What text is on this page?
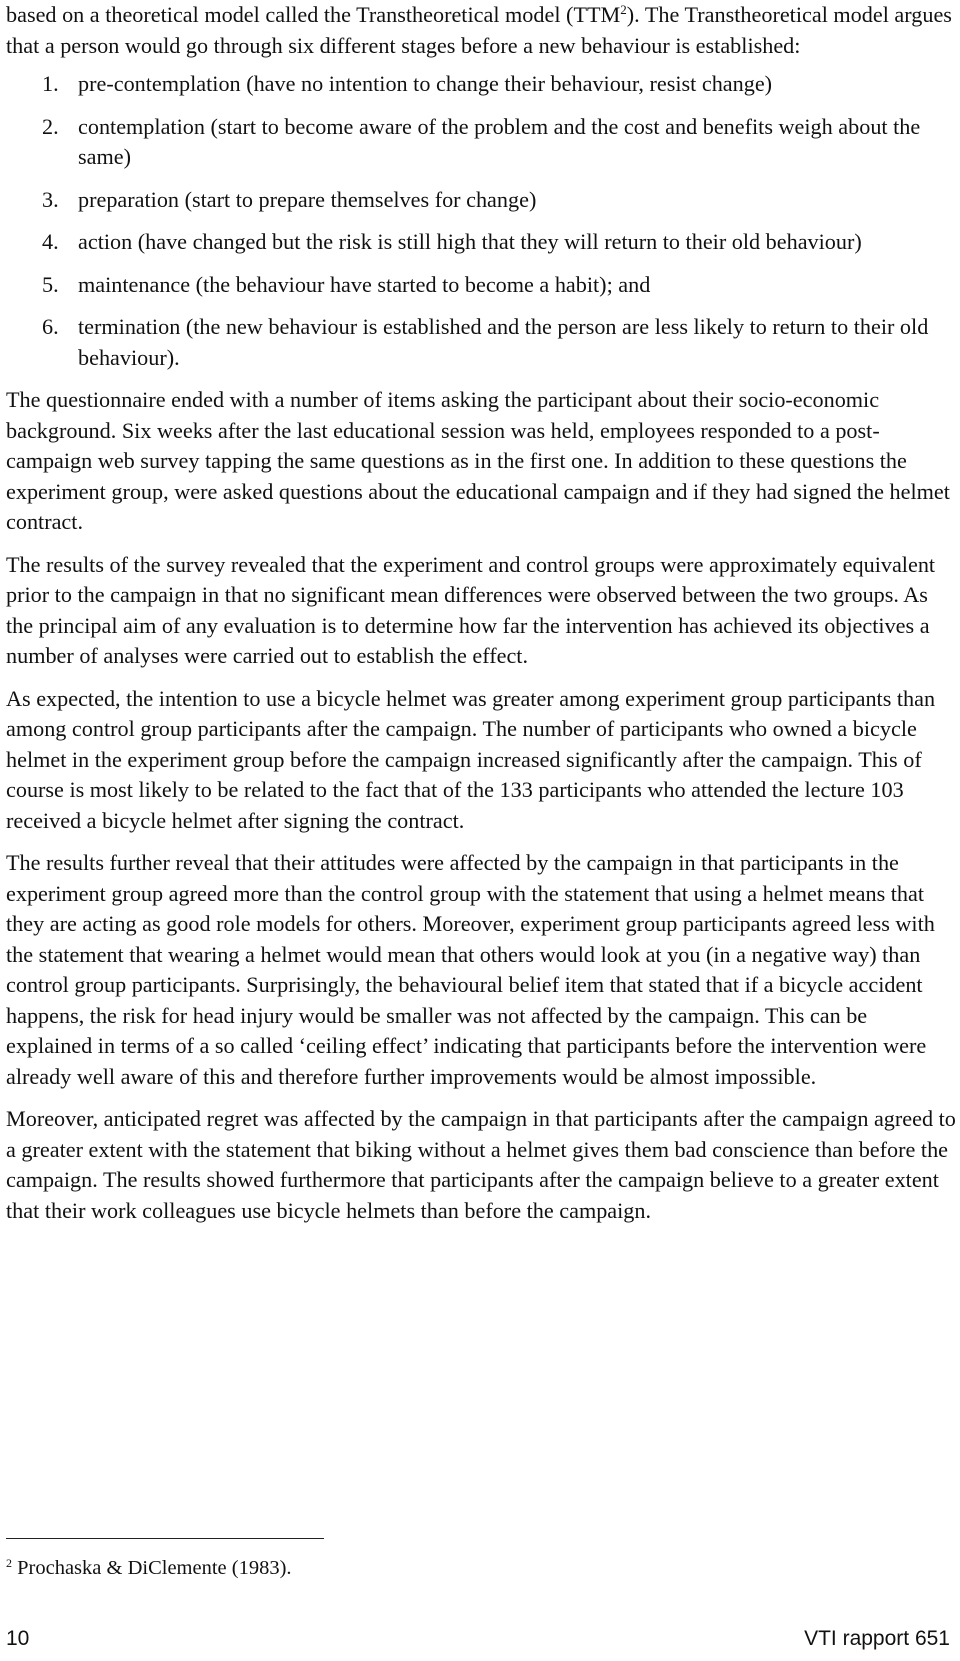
based on a theoretical model called the Transtheoretical model (TTM$^2$). The Transtheoretical model argues that a person would go through six different stages before a new behaviour is established:

1. pre-contemplation (have no intention to change their behaviour, resist change)
2. contemplation (start to become aware of the problem and the cost and benefits weigh about the same)
3. preparation (start to prepare themselves for change)
4. action (have changed but the risk is still high that they will return to their old behaviour)
5. maintenance (the behaviour have started to become a habit); and
6. termination (the new behaviour is established and the person are less likely to return to their old behaviour).

The questionnaire ended with a number of items asking the participant about their socio-economic background. Six weeks after the last educational session was held, employees responded to a post-campaign web survey tapping the same questions as in the first one. In addition to these questions the experiment group, were asked questions about the educational campaign and if they had signed the helmet contract.

The results of the survey revealed that the experiment and control groups were approximately equivalent prior to the campaign in that no significant mean differences were observed between the two groups. As the principal aim of any evaluation is to determine how far the intervention has achieved its objectives a number of analyses were carried out to establish the effect.

As expected, the intention to use a bicycle helmet was greater among experiment group participants than among control group participants after the campaign. The number of participants who owned a bicycle helmet in the experiment group before the campaign increased significantly after the campaign. This of course is most likely to be related to the fact that of the 133 participants who attended the lecture 103 received a bicycle helmet after signing the contract.

The results further reveal that their attitudes were affected by the campaign in that participants in the experiment group agreed more than the control group with the statement that using a helmet means that they are acting as good role models for others. Moreover, experiment group participants agreed less with the statement that wearing a helmet would mean that others would look at you (in a negative way) than control group participants. Surprisingly, the behavioural belief item that stated that if a bicycle accident happens, the risk for head injury would be smaller was not affected by the campaign. This can be explained in terms of a so called ‘ceiling effect’ indicating that participants before the intervention were already well aware of this and therefore further improvements would be almost impossible.

Moreover, anticipated regret was affected by the campaign in that participants after the campaign agreed to a greater extent with the statement that biking without a helmet gives them bad conscience than before the campaign. The results showed furthermore that participants after the campaign believe to a greater extent that their work colleagues use bicycle helmets than before the campaign.

$^2$ Prochaska & DiClemente (1983).
10	VTI rapport 651
